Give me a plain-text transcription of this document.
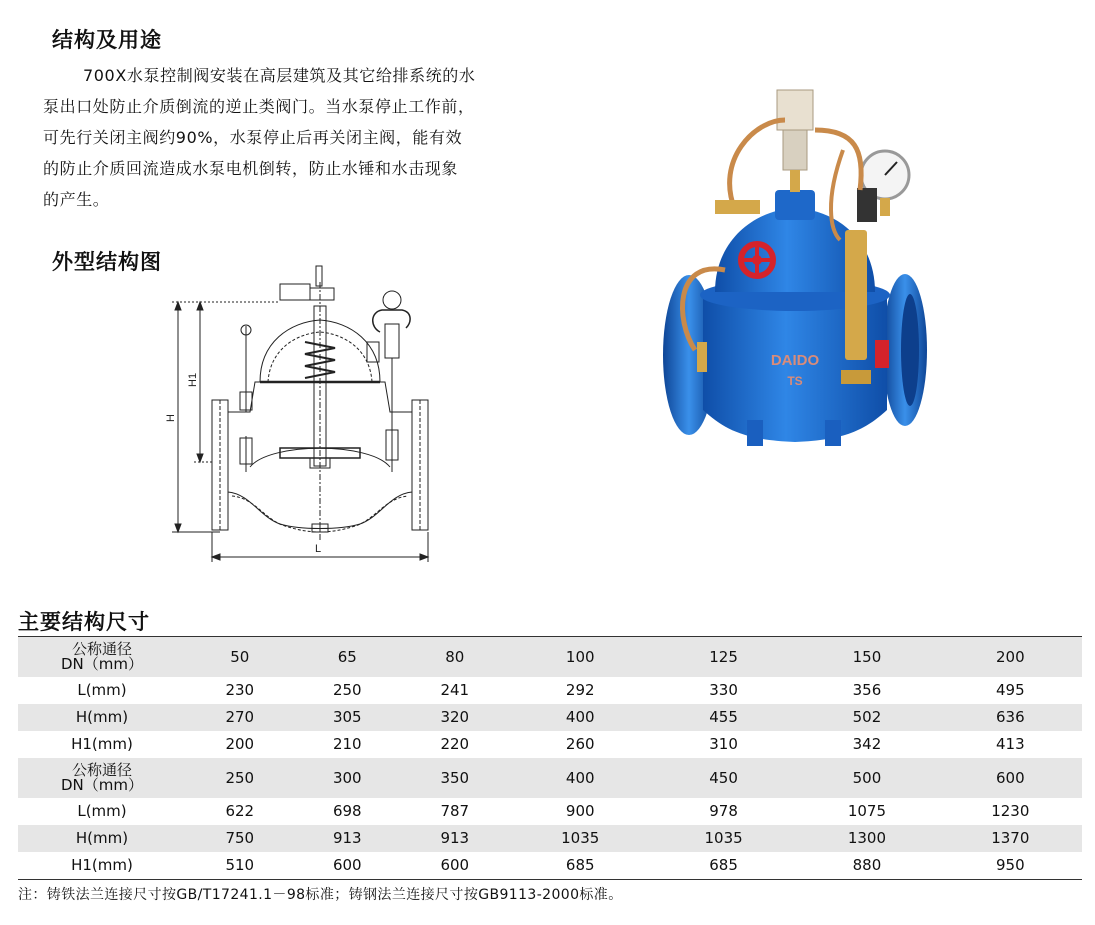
结构及用途
700X水泵控制阀安装在高层建筑及其它给排系统的水
泵出口处防止介质倒流的逆止类阀门。当水泵停止工作前，
可先行关闭主阀约90%，水泵停止后再关闭主阀，能有效
的防止介质回流造成水泵电机倒转，防止水锤和水击现象
的产生。
外型结构图
H
H1
L
DAIDO
TS
主要结构尺寸
公称通径
DN（mm）	50	65	80	100	125	150	200

L(mm)	230	250	241	292	330	356	495

H(mm)	270	305	320	400	455	502	636

H1(mm)	200	210	220	260	310	342	413

公称通径
DN（mm）	250	300	350	400	450	500	600

L(mm)	622	698	787	900	978	1075	1230

H(mm)	750	913	913	1035	1035	1300	1370

H1(mm)	510	600	600	685	685	880	950
注：铸铁法兰连接尺寸按GB/T17241.1－98标准；铸钢法兰连接尺寸按GB9113-2000标准。
